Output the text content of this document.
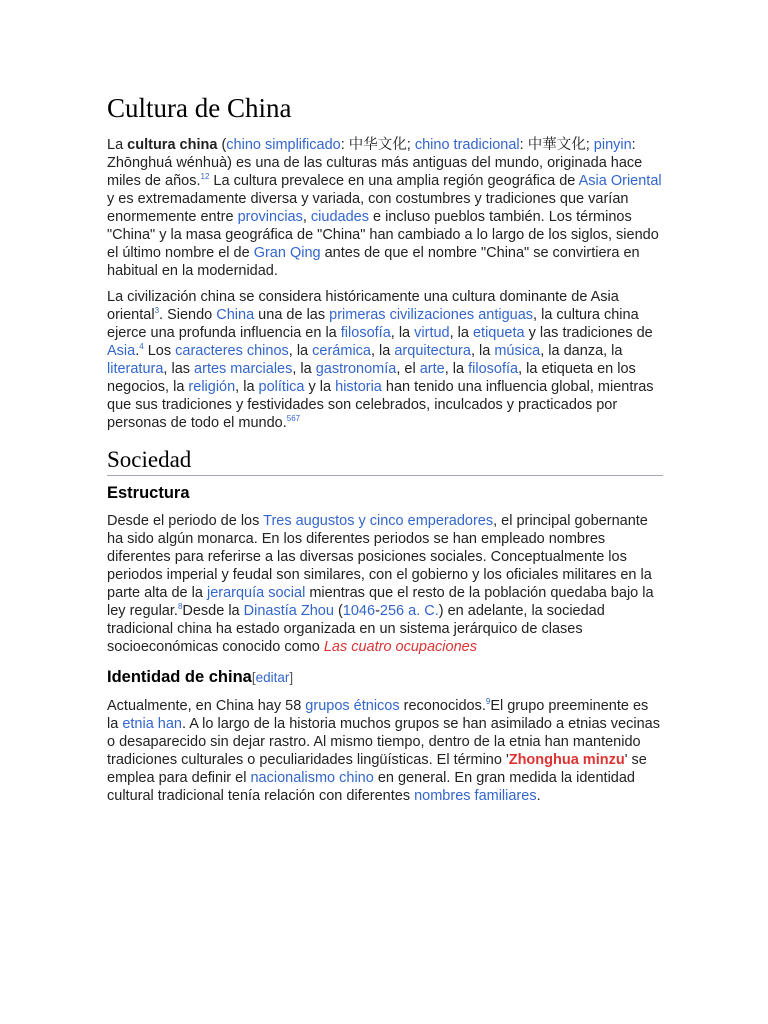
Cultura de China

La cultura china (chino simplificado: 中华文化; chino tradicional: 中華文化; pinyin: Zhōnghuá wénhuà) es una de las culturas más antiguas del mundo, originada hace miles de años.$^{12}$ La cultura prevalece en una amplia región geográfica de Asia Oriental y es extremadamente diversa y variada, con costumbres y tradiciones que varían enormemente entre provincias, ciudades e incluso pueblos también. Los términos "China" y la masa geográfica de "China" han cambiado a lo largo de los siglos, siendo el último nombre el de Gran Qing antes de que el nombre "China" se convirtiera en habitual en la modernidad.

La civilización china se considera históricamente una cultura dominante de Asia oriental$^3$. Siendo China una de las primeras civilizaciones antiguas, la cultura china ejerce una profunda influencia en la filosofía, la virtud, la etiqueta y las tradiciones de Asia.$^4$ Los caracteres chinos, la cerámica, la arquitectura, la música, la danza, la literatura, las artes marciales, la gastronomía, el arte, la filosofía, la etiqueta en los negocios, la religión, la política y la historia han tenido una influencia global, mientras que sus tradiciones y festividades son celebrados, inculcados y practicados por personas de todo el mundo.$^{567}$

Sociedad
Estructura

Desde el periodo de los Tres augustos y cinco emperadores, el principal gobernante ha sido algún monarca. En los diferentes periodos se han empleado nombres diferentes para referirse a las diversas posiciones sociales. Conceptualmente los periodos imperial y feudal son similares, con el gobierno y los oficiales militares en la parte alta de la jerarquía social mientras que el resto de la población quedaba bajo la ley regular.$^8$Desde la Dinastía Zhou (1046-256 a. C.) en adelante, la sociedad tradicional china ha estado organizada en un sistema jerárquico de clases socioeconómicas conocido como Las cuatro ocupaciones

Identidad de china[editar]

Actualmente, en China hay 58 grupos étnicos reconocidos.$^9$El grupo preeminente es la etnia han. A lo largo de la historia muchos grupos se han asimilado a etnias vecinas o desaparecido sin dejar rastro. Al mismo tiempo, dentro de la etnia han mantenido tradiciones culturales o peculiaridades lingüísticas. El término 'Zhonghua minzu' se emplea para definir el nacionalismo chino en general. En gran medida la identidad cultural tradicional tenía relación con diferentes nombres familiares.
